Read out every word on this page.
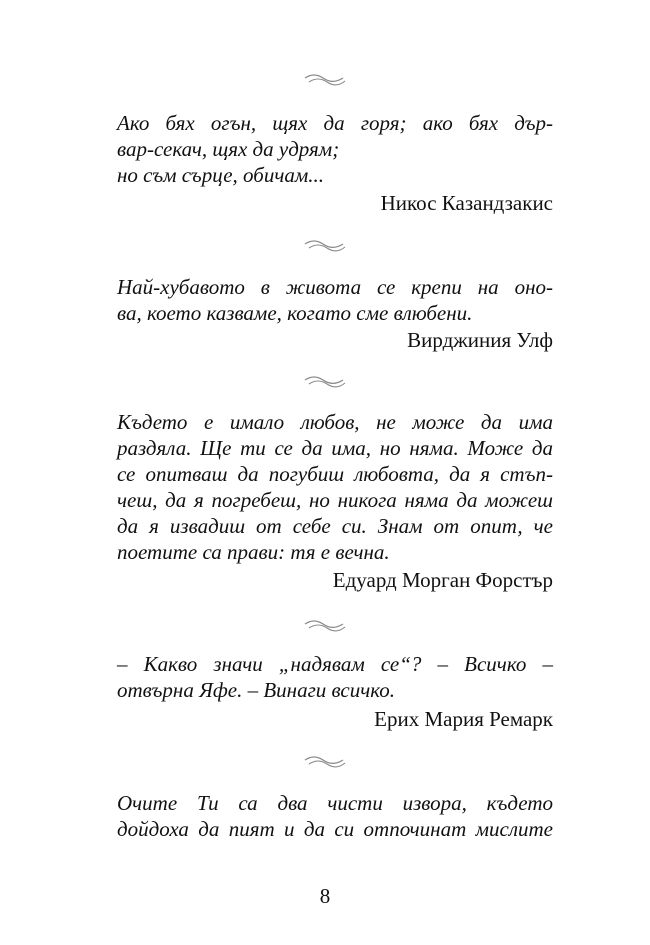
Ако бях огън, щях да горя; ако бях дър-
вар-секач, щях да удрям;
но съм сърце, обичам...
Никос Казандзакис
Най-хубавото в живота се крепи на оно-
ва, което казваме, когато сме влюбени.
Вирджиния Улф
Където е имало любов, не може да има
раздяла. Ще ти се да има, но няма. Може да
се опитваш да погубиш любовта, да я стъп-
чеш, да я погребеш, но никога няма да можеш
да я извадиш от себе си. Знам от опит, че
поетите са прави: тя е вечна.
Едуард Морган Форстър
– Какво значи „надявам се“? – Всичко –
отвърна Яфе. – Винаги всичко.
Ерих Мария Ремарк
Очите Ти са два чисти извора, където
дойдоха да пият и да си отпочинат мислите
8
